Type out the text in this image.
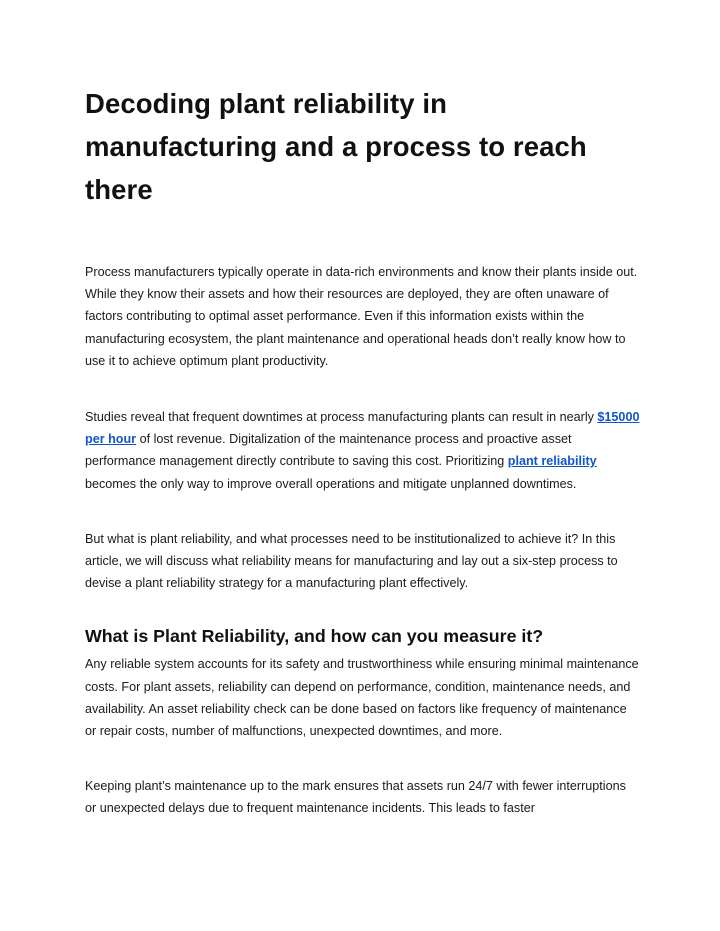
Decoding plant reliability in manufacturing and a process to reach there

Process manufacturers typically operate in data-rich environments and know their plants inside out. While they know their assets and how their resources are deployed, they are often unaware of factors contributing to optimal asset performance. Even if this information exists within the manufacturing ecosystem, the plant maintenance and operational heads don’t really know how to use it to achieve optimum plant productivity.

Studies reveal that frequent downtimes at process manufacturing plants can result in nearly $15000 per hour of lost revenue. Digitalization of the maintenance process and proactive asset performance management directly contribute to saving this cost. Prioritizing plant reliability becomes the only way to improve overall operations and mitigate unplanned downtimes.

But what is plant reliability, and what processes need to be institutionalized to achieve it? In this article, we will discuss what reliability means for manufacturing and lay out a six-step process to devise a plant reliability strategy for a manufacturing plant effectively.

What is Plant Reliability, and how can you measure it?

Any reliable system accounts for its safety and trustworthiness while ensuring minimal maintenance costs. For plant assets, reliability can depend on performance, condition, maintenance needs, and availability. An asset reliability check can be done based on factors like frequency of maintenance or repair costs, number of malfunctions, unexpected downtimes, and more.

Keeping plant’s maintenance up to the mark ensures that assets run 24/7 with fewer interruptions or unexpected delays due to frequent maintenance incidents. This leads to faster
